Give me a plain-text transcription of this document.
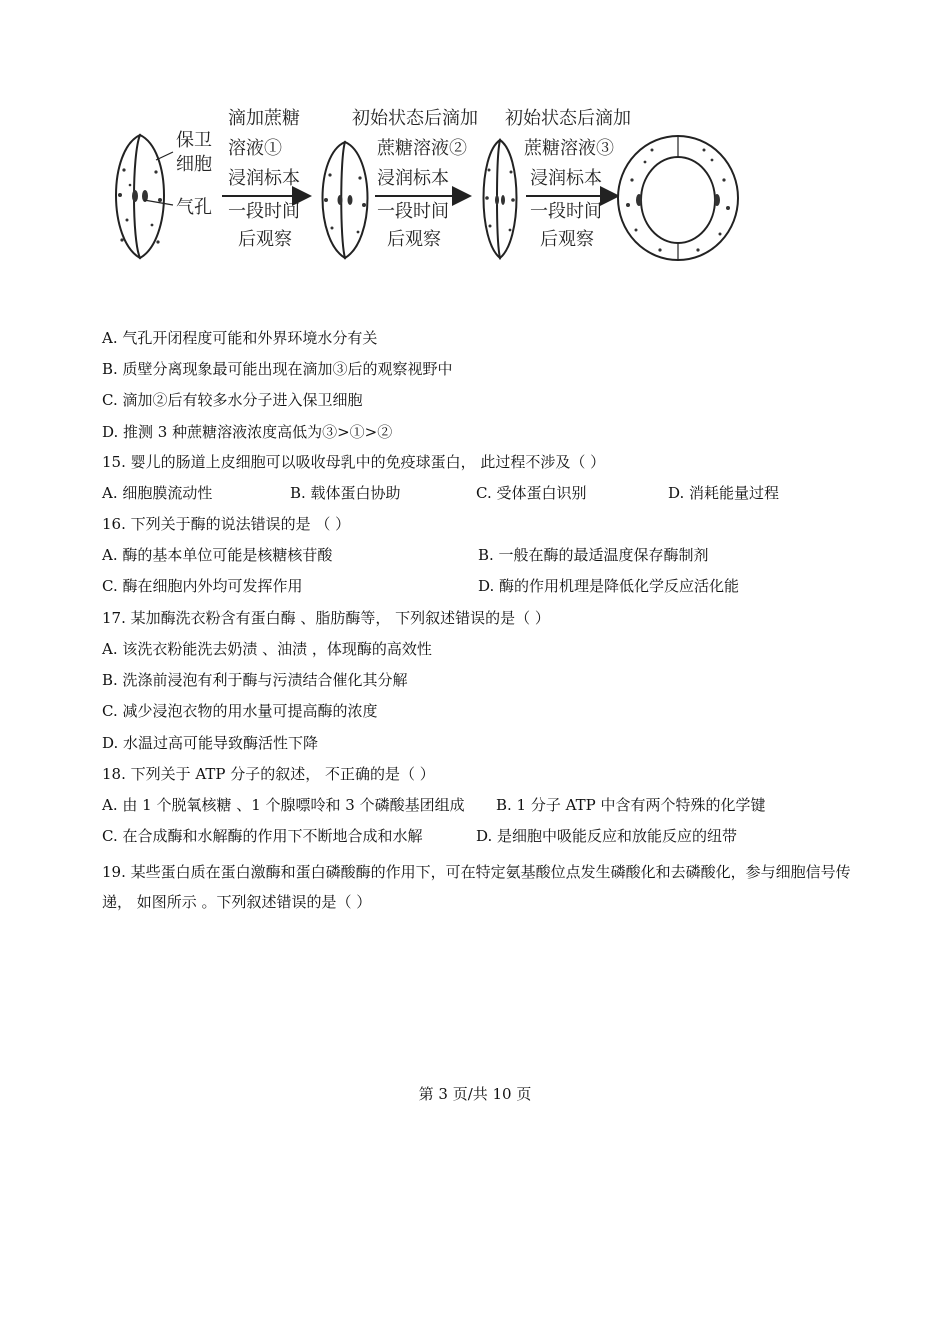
保卫
细胞
气孔
滴加蔗糖
溶液①
浸润标本
一段时间
后观察
初始状态后滴加
蔗糖溶液②
浸润标本
一段时间
后观察
初始状态后滴加
蔗糖溶液③
浸润标本
一段时间
后观察
A. 气孔开闭程度可能和外界环境水分有关
B. 质壁分离现象最可能出现在滴加③后的观察视野中
C. 滴加②后有较多水分子进入保卫细胞
D. 推测 3 种蔗糖溶液浓度高低为③>①>②
15. 婴儿的肠道上皮细胞可以吸收母乳中的免疫球蛋白， 此过程不涉及（ ）
A. 细胞膜流动性	B. 载体蛋白协助	C. 受体蛋白识别	D. 消耗能量过程
16. 下列关于酶的说法错误的是 （ ）
A. 酶的基本单位可能是核糖核苷酸	B. 一般在酶的最适温度保存酶制剂
C. 酶在细胞内外均可发挥作用	D. 酶的作用机理是降低化学反应活化能
17. 某加酶洗衣粉含有蛋白酶 、脂肪酶等， 下列叙述错误的是（ ）
A. 该洗衣粉能洗去奶渍 、油渍 ，体现酶的高效性
B. 洗涤前浸泡有利于酶与污渍结合催化其分解
C. 减少浸泡衣物的用水量可提高酶的浓度
D. 水温过高可能导致酶活性下降
18. 下列关于 ATP 分子的叙述， 不正确的是（ ）
A. 由 1 个脱氧核糖 、1 个腺嘌呤和 3 个磷酸基团组成 B. 1 分子 ATP 中含有两个特殊的化学键
C. 在合成酶和水解酶的作用下不断地合成和水解	D. 是细胞中吸能反应和放能反应的纽带
19. 某些蛋白质在蛋白激酶和蛋白磷酸酶的作用下，可在特定氨基酸位点发生磷酸化和去磷酸化，参与细胞信号传递， 如图所示 。下列叙述错误的是（ ）
第 3 页/共 10 页
